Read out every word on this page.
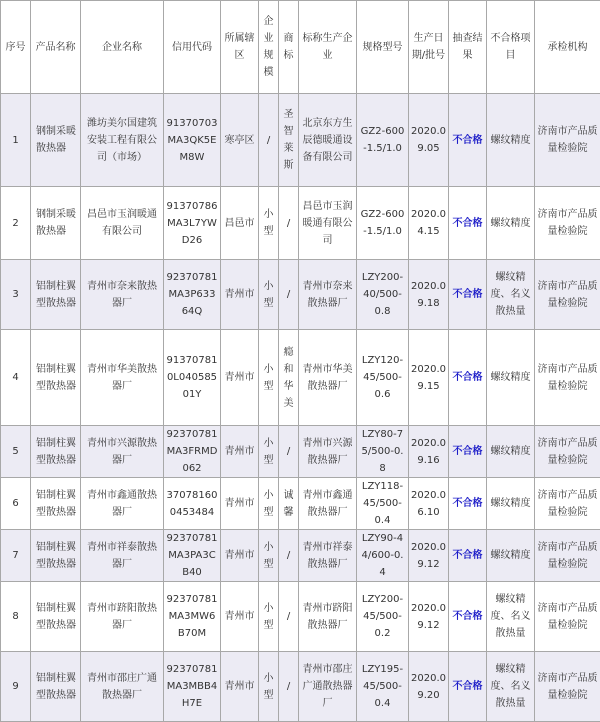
序号	产品名称	企业名称	信用代码	所属辖区	企业规模	商标	标称生产企业	规格型号	生产日期/批号	抽查结果	不合格项目	承检机构
1	钢制采暖散热器	潍坊美尔国建筑安装工程有限公司（市场）	91370703MA3QK5EM8W	寒亭区	/	圣智莱斯	北京东方生辰德暖通设备有限公司	GZ2-600-1.5/1.0	2020.09.05	不合格	螺纹精度	济南市产品质量检验院
2	钢制采暖散热器	昌邑市玉润暖通有限公司	91370786MA3L7YWD26	昌邑市	小型	/	昌邑市玉润暖通有限公司	GZ2-600-1.5/1.0	2020.04.15	不合格	螺纹精度	济南市产品质量检验院
3	铝制柱翼型散热器	青州市奈来散热器厂	92370781MA3P63364Q	青州市	小型	/	青州市奈来散热器厂	LZY200-40/500-0.8	2020.09.18	不合格	螺纹精度、名义散热量	济南市产品质量检验院
4	铝制柱翼型散热器	青州市华美散热器厂	913707810L04058501Y	青州市	小型	瘾和华美	青州市华美散热器厂	LZY120-45/500-0.6	2020.09.15	不合格	螺纹精度	济南市产品质量检验院
5	铝制柱翼型散热器	青州市兴源散热器厂	92370781MA3FRMD062	青州市	小型	/	青州市兴源散热器厂	LZY80-75/500-0.8	2020.09.16	不合格	螺纹精度	济南市产品质量检验院
6	铝制柱翼型散热器	青州市鑫通散热器厂	370781600453484	青州市	小型	诚馨	青州市鑫通散热器厂	LZY118-45/500-0.4	2020.06.10	不合格	螺纹精度	济南市产品质量检验院
7	铝制柱翼型散热器	青州市祥泰散热器厂	92370781MA3PA3CB40	青州市	小型	/	青州市祥泰散热器厂	LZY90-44/600-0.4	2020.09.12	不合格	螺纹精度	济南市产品质量检验院
8	铝制柱翼型散热器	青州市跻阳散热器厂	92370781MA3MW6B70M	青州市	小型	/	青州市跻阳散热器厂	LZY200-45/500-0.2	2020.09.12	不合格	螺纹精度、名义散热量	济南市产品质量检验院
9	铝制柱翼型散热器	青州市邵庄广通散热器厂	92370781MA3MBB4H7E	青州市	小型	/	青州市邵庄广通散热器厂	LZY195-45/500-0.4	2020.09.20	不合格	螺纹精度、名义散热量	济南市产品质量检验院
